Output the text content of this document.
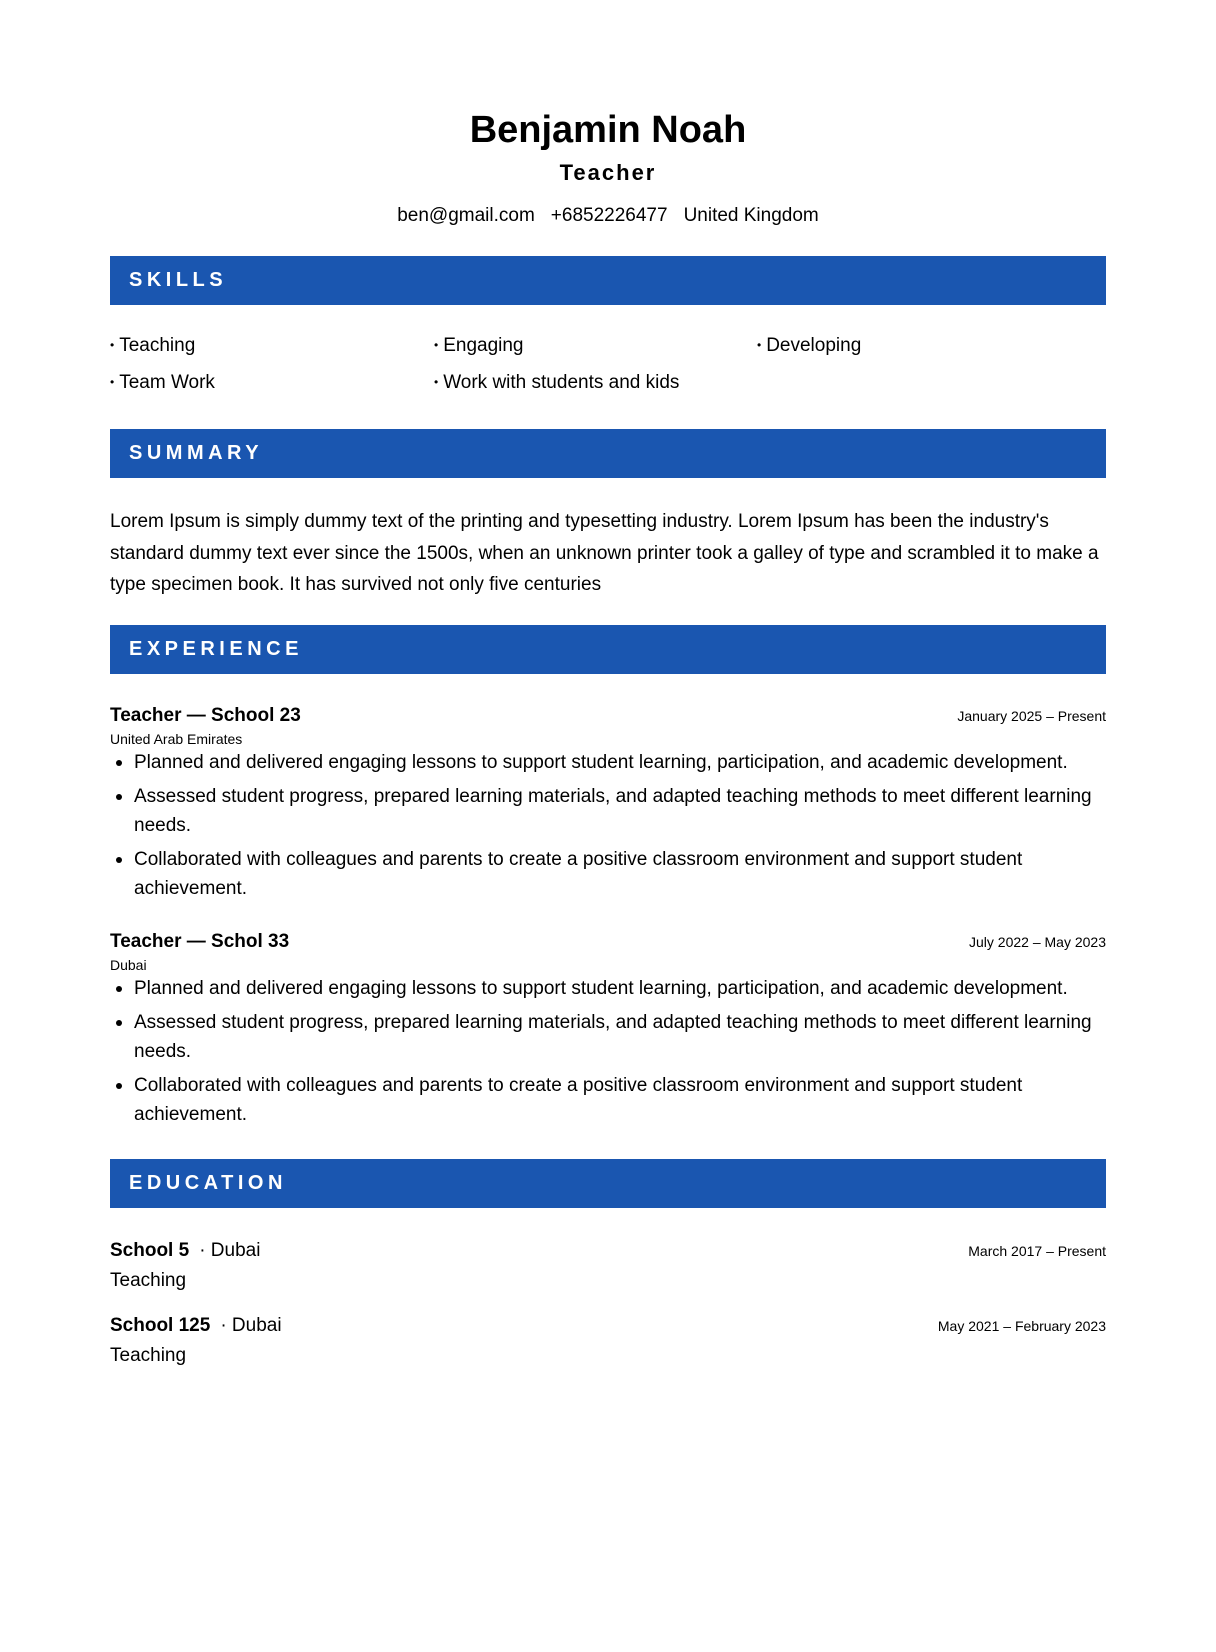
Benjamin Noah
Teacher
ben@gmail.com +6852226477 United Kingdom
SKILLS
• Teaching	• Engaging	• Developing
• Team Work	• Work with students and kids
SUMMARY
Lorem Ipsum is simply dummy text of the printing and typesetting industry. Lorem Ipsum has been the industry's standard dummy text ever since the 1500s, when an unknown printer took a galley of type and scrambled it to make a type specimen book. It has survived not only five centuries
EXPERIENCE
Teacher — School 23	January 2025 – Present
United Arab Emirates
Planned and delivered engaging lessons to support student learning, participation, and academic development.
Assessed student progress, prepared learning materials, and adapted teaching methods to meet different learning needs.
Collaborated with colleagues and parents to create a positive classroom environment and support student achievement.
Teacher — Schol 33	July 2022 – May 2023
Dubai
Planned and delivered engaging lessons to support student learning, participation, and academic development.
Assessed student progress, prepared learning materials, and adapted teaching methods to meet different learning needs.
Collaborated with colleagues and parents to create a positive classroom environment and support student achievement.
EDUCATION
School 5 · Dubai	March 2017 – Present
Teaching
School 125 · Dubai	May 2021 – February 2023
Teaching
